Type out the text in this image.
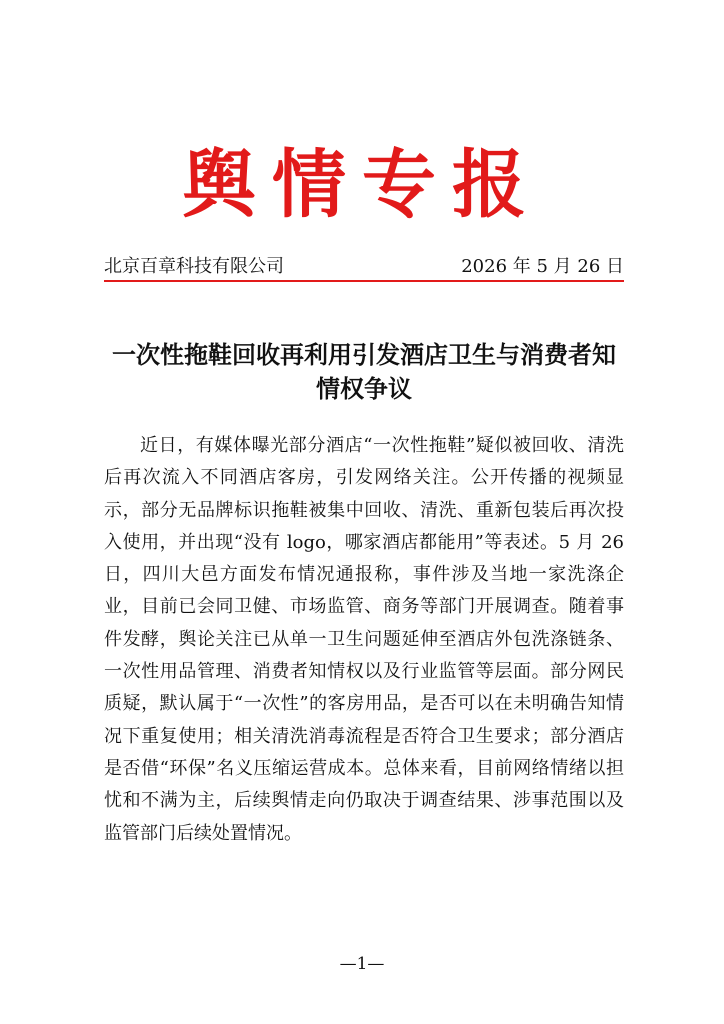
舆情专报
北京百章科技有限公司	2026 年 5 月 26 日
一次性拖鞋回收再利用引发酒店卫生与消费者知情权争议

近日，有媒体曝光部分酒店“一次性拖鞋”疑似被回收、清洗后再次流入不同酒店客房，引发网络关注。公开传播的视频显示，部分无品牌标识拖鞋被集中回收、清洗、重新包装后再次投入使用，并出现“没有 logo，哪家酒店都能用”等表述。5 月 26 日，四川大邑方面发布情况通报称，事件涉及当地一家洗涤企业，目前已会同卫健、市场监管、商务等部门开展调查。随着事件发酵，舆论关注已从单一卫生问题延伸至酒店外包洗涤链条、一次性用品管理、消费者知情权以及行业监管等层面。部分网民质疑，默认属于“一次性”的客房用品，是否可以在未明确告知情况下重复使用；相关清洗消毒流程是否符合卫生要求；部分酒店是否借“环保”名义压缩运营成本。总体来看，目前网络情绪以担忧和不满为主，后续舆情走向仍取决于调查结果、涉事范围以及监管部门后续处置情况。

—1—
